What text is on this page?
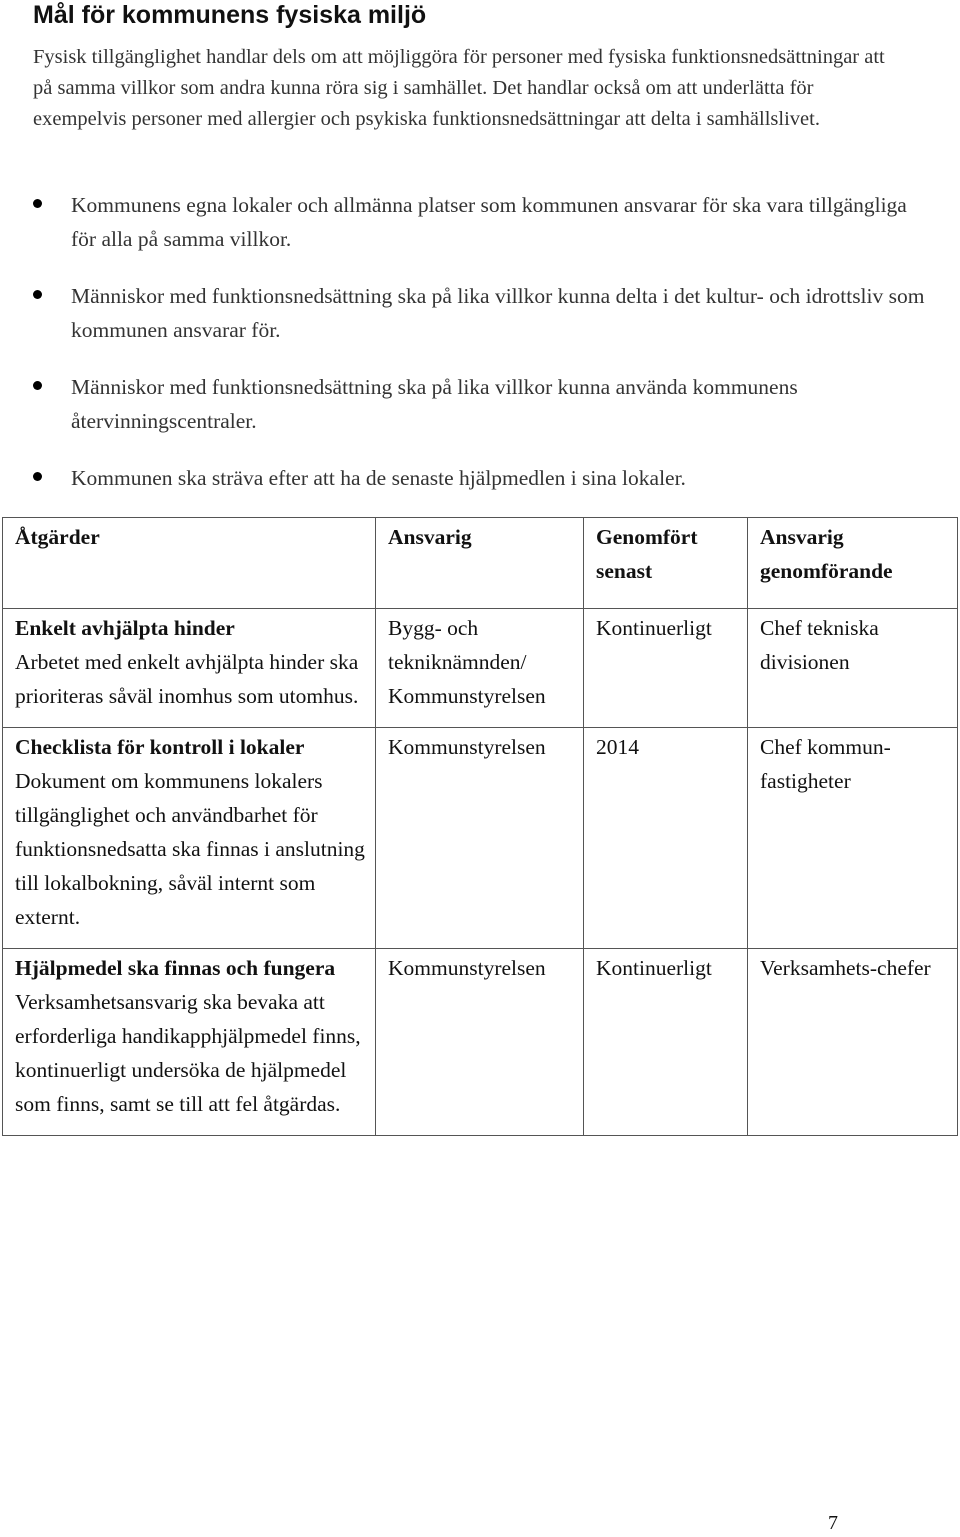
Mål för kommunens fysiska miljö

Fysisk tillgänglighet handlar dels om att möjliggöra för personer med fysiska funktionsnedsättningar att på samma villkor som andra kunna röra sig i samhället. Det handlar också om att underlätta för exempelvis personer med allergier och psykiska funktionsnedsättningar att delta i samhällslivet.

Kommunens egna lokaler och allmänna platser som kommunen ansvarar för ska vara tillgängliga för alla på samma villkor.
Människor med funktionsnedsättning ska på lika villkor kunna delta i det kultur- och idrottsliv som kommunen ansvarar för.
Människor med funktionsnedsättning ska på lika villkor kunna använda kommunens återvinningscentraler.
Kommunen ska sträva efter att ha de senaste hjälpmedlen i sina lokaler.
Åtgärder	Ansvarig	Genomfört senast	Ansvarig genomförande

Enkelt avhjälpta hinder
Arbetet med enkelt avhjälpta hinder ska prioriteras såväl inomhus som utomhus.	Bygg- och tekniknämnden/ Kommunstyrelsen	Kontinuerligt	Chef tekniska divisionen

Checklista för kontroll i lokaler
Dokument om kommunens lokalers tillgänglighet och användbarhet för funktionsnedsatta ska finnas i anslutning till lokalbokning, såväl internt som externt.	Kommunstyrelsen	2014	Chef kommun-fastigheter

Hjälpmedel ska finnas och fungera
Verksamhetsansvarig ska bevaka att erforderliga handikapphjälpmedel finns, kontinuerligt undersöka de hjälpmedel som finns, samt se till att fel åtgärdas.	Kommunstyrelsen	Kontinuerligt	Verksamhets-chefer
7
